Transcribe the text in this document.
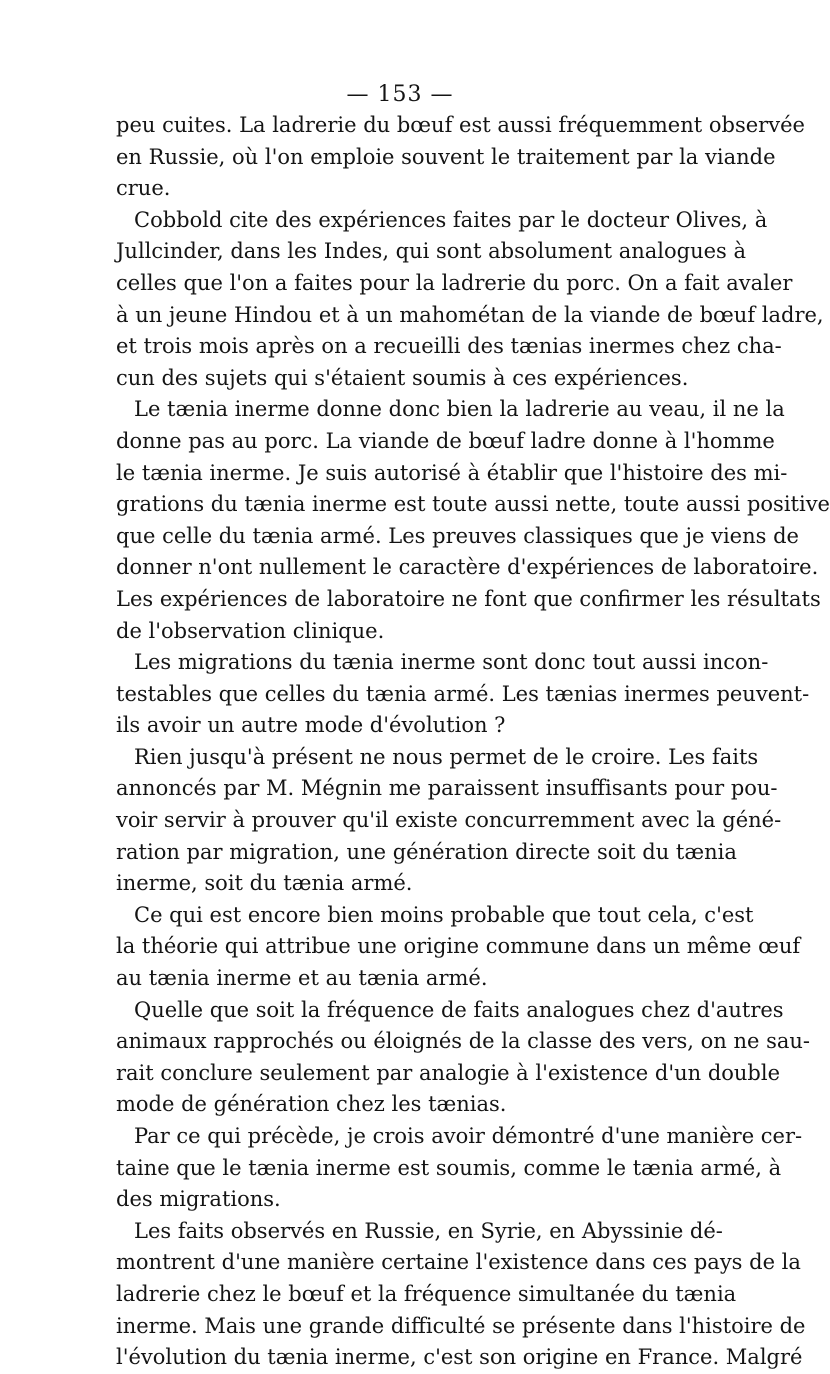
— 153 —
peu cuites. La ladrerie du bœuf est aussi fréquemment observée
en Russie, où l'on emploie souvent le traitement par la viande
crue.
Cobbold cite des expériences faites par le docteur Olives, à
Jullcinder, dans les Indes, qui sont absolument analogues à
celles que l'on a faites pour la ladrerie du porc. On a fait avaler
à un jeune Hindou et à un mahométan de la viande de bœuf ladre,
et trois mois après on a recueilli des tænias inermes chez cha-
cun des sujets qui s'étaient soumis à ces expériences.
Le tænia inerme donne donc bien la ladrerie au veau, il ne la
donne pas au porc. La viande de bœuf ladre donne à l'homme
le tænia inerme. Je suis autorisé à établir que l'histoire des mi-
grations du tænia inerme est toute aussi nette, toute aussi positive
que celle du tænia armé. Les preuves classiques que je viens de
donner n'ont nullement le caractère d'expériences de laboratoire.
Les expériences de laboratoire ne font que confirmer les résultats
de l'observation clinique.
Les migrations du tænia inerme sont donc tout aussi incon-
testables que celles du tænia armé. Les tænias inermes peuvent-
ils avoir un autre mode d'évolution ?
Rien jusqu'à présent ne nous permet de le croire. Les faits
annoncés par M. Mégnin me paraissent insuffisants pour pou-
voir servir à prouver qu'il existe concurremment avec la géné-
ration par migration, une génération directe soit du tænia
inerme, soit du tænia armé.
Ce qui est encore bien moins probable que tout cela, c'est
la théorie qui attribue une origine commune dans un même œuf
au tænia inerme et au tænia armé.
Quelle que soit la fréquence de faits analogues chez d'autres
animaux rapprochés ou éloignés de la classe des vers, on ne sau-
rait conclure seulement par analogie à l'existence d'un double
mode de génération chez les tænias.
Par ce qui précède, je crois avoir démontré d'une manière cer-
taine que le tænia inerme est soumis, comme le tænia armé, à
des migrations.
Les faits observés en Russie, en Syrie, en Abyssinie dé-
montrent d'une manière certaine l'existence dans ces pays de la
ladrerie chez le bœuf et la fréquence simultanée du tænia
inerme. Mais une grande difficulté se présente dans l'histoire de
l'évolution du tænia inerme, c'est son origine en France. Malgré
